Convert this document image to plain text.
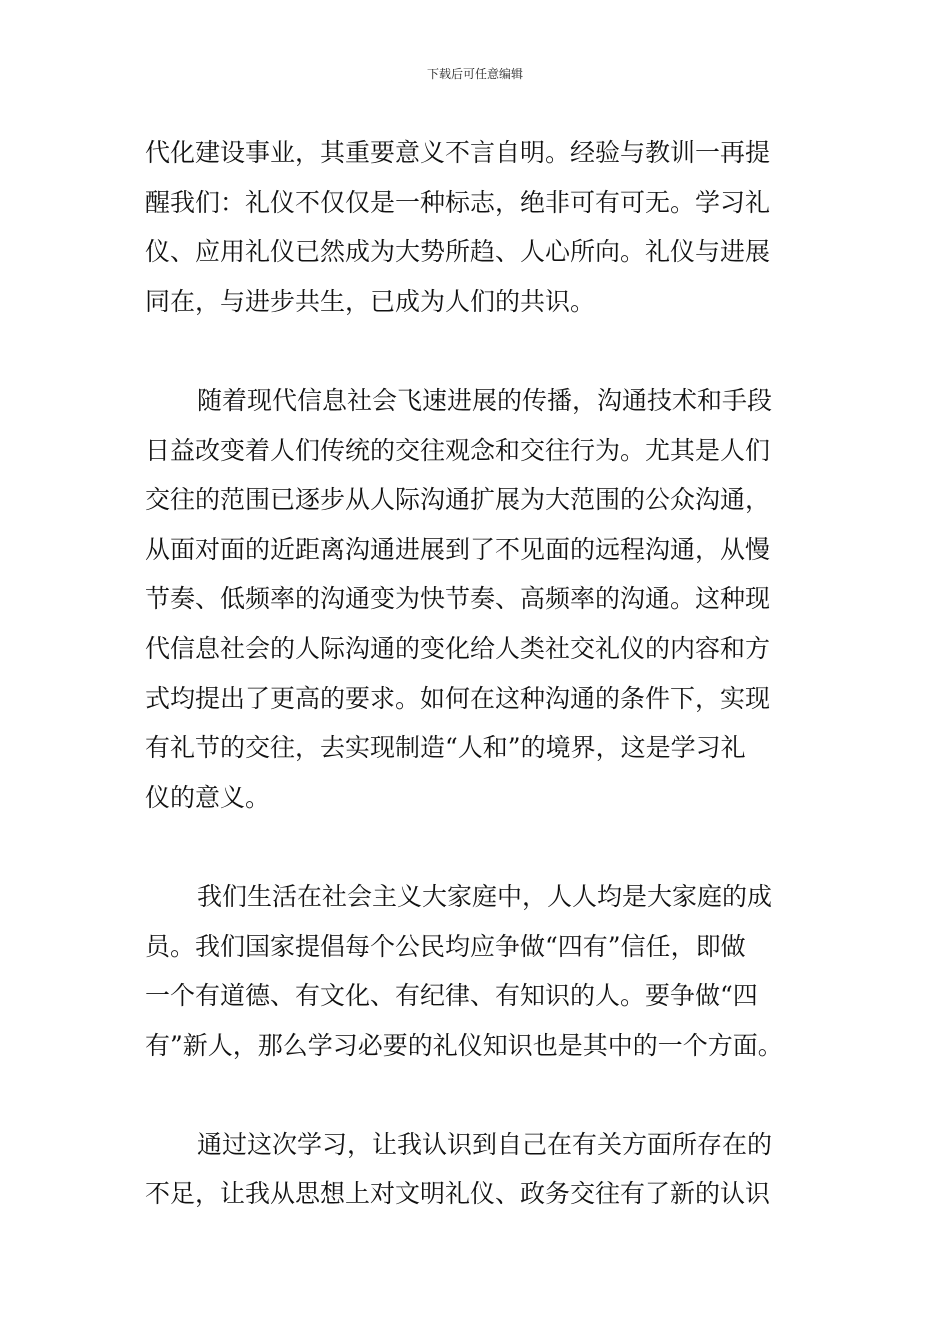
下载后可任意编辑
代化建设事业，其重要意义不言自明。经验与教训一再提
醒我们：礼仪不仅仅是一种标志，绝非可有可无。学习礼
仪、应用礼仪已然成为大势所趋、人心所向。礼仪与进展
同在，与进步共生，已成为人们的共识。
随着现代信息社会飞速进展的传播，沟通技术和手段
日益改变着人们传统的交往观念和交往行为。尤其是人们
交往的范围已逐步从人际沟通扩展为大范围的公众沟通，
从面对面的近距离沟通进展到了不见面的远程沟通，从慢
节奏、低频率的沟通变为快节奏、高频率的沟通。这种现
代信息社会的人际沟通的变化给人类社交礼仪的内容和方
式均提出了更高的要求。如何在这种沟通的条件下，实现
有礼节的交往，去实现制造“人和”的境界，这是学习礼
仪的意义。
我们生活在社会主义大家庭中，人人均是大家庭的成
员。我们国家提倡每个公民均应争做“四有”信任，即做
一个有道德、有文化、有纪律、有知识的人。要争做“四
有”新人，那么学习必要的礼仪知识也是其中的一个方面。
通过这次学习，让我认识到自己在有关方面所存在的
不足，让我从思想上对文明礼仪、政务交往有了新的认识
